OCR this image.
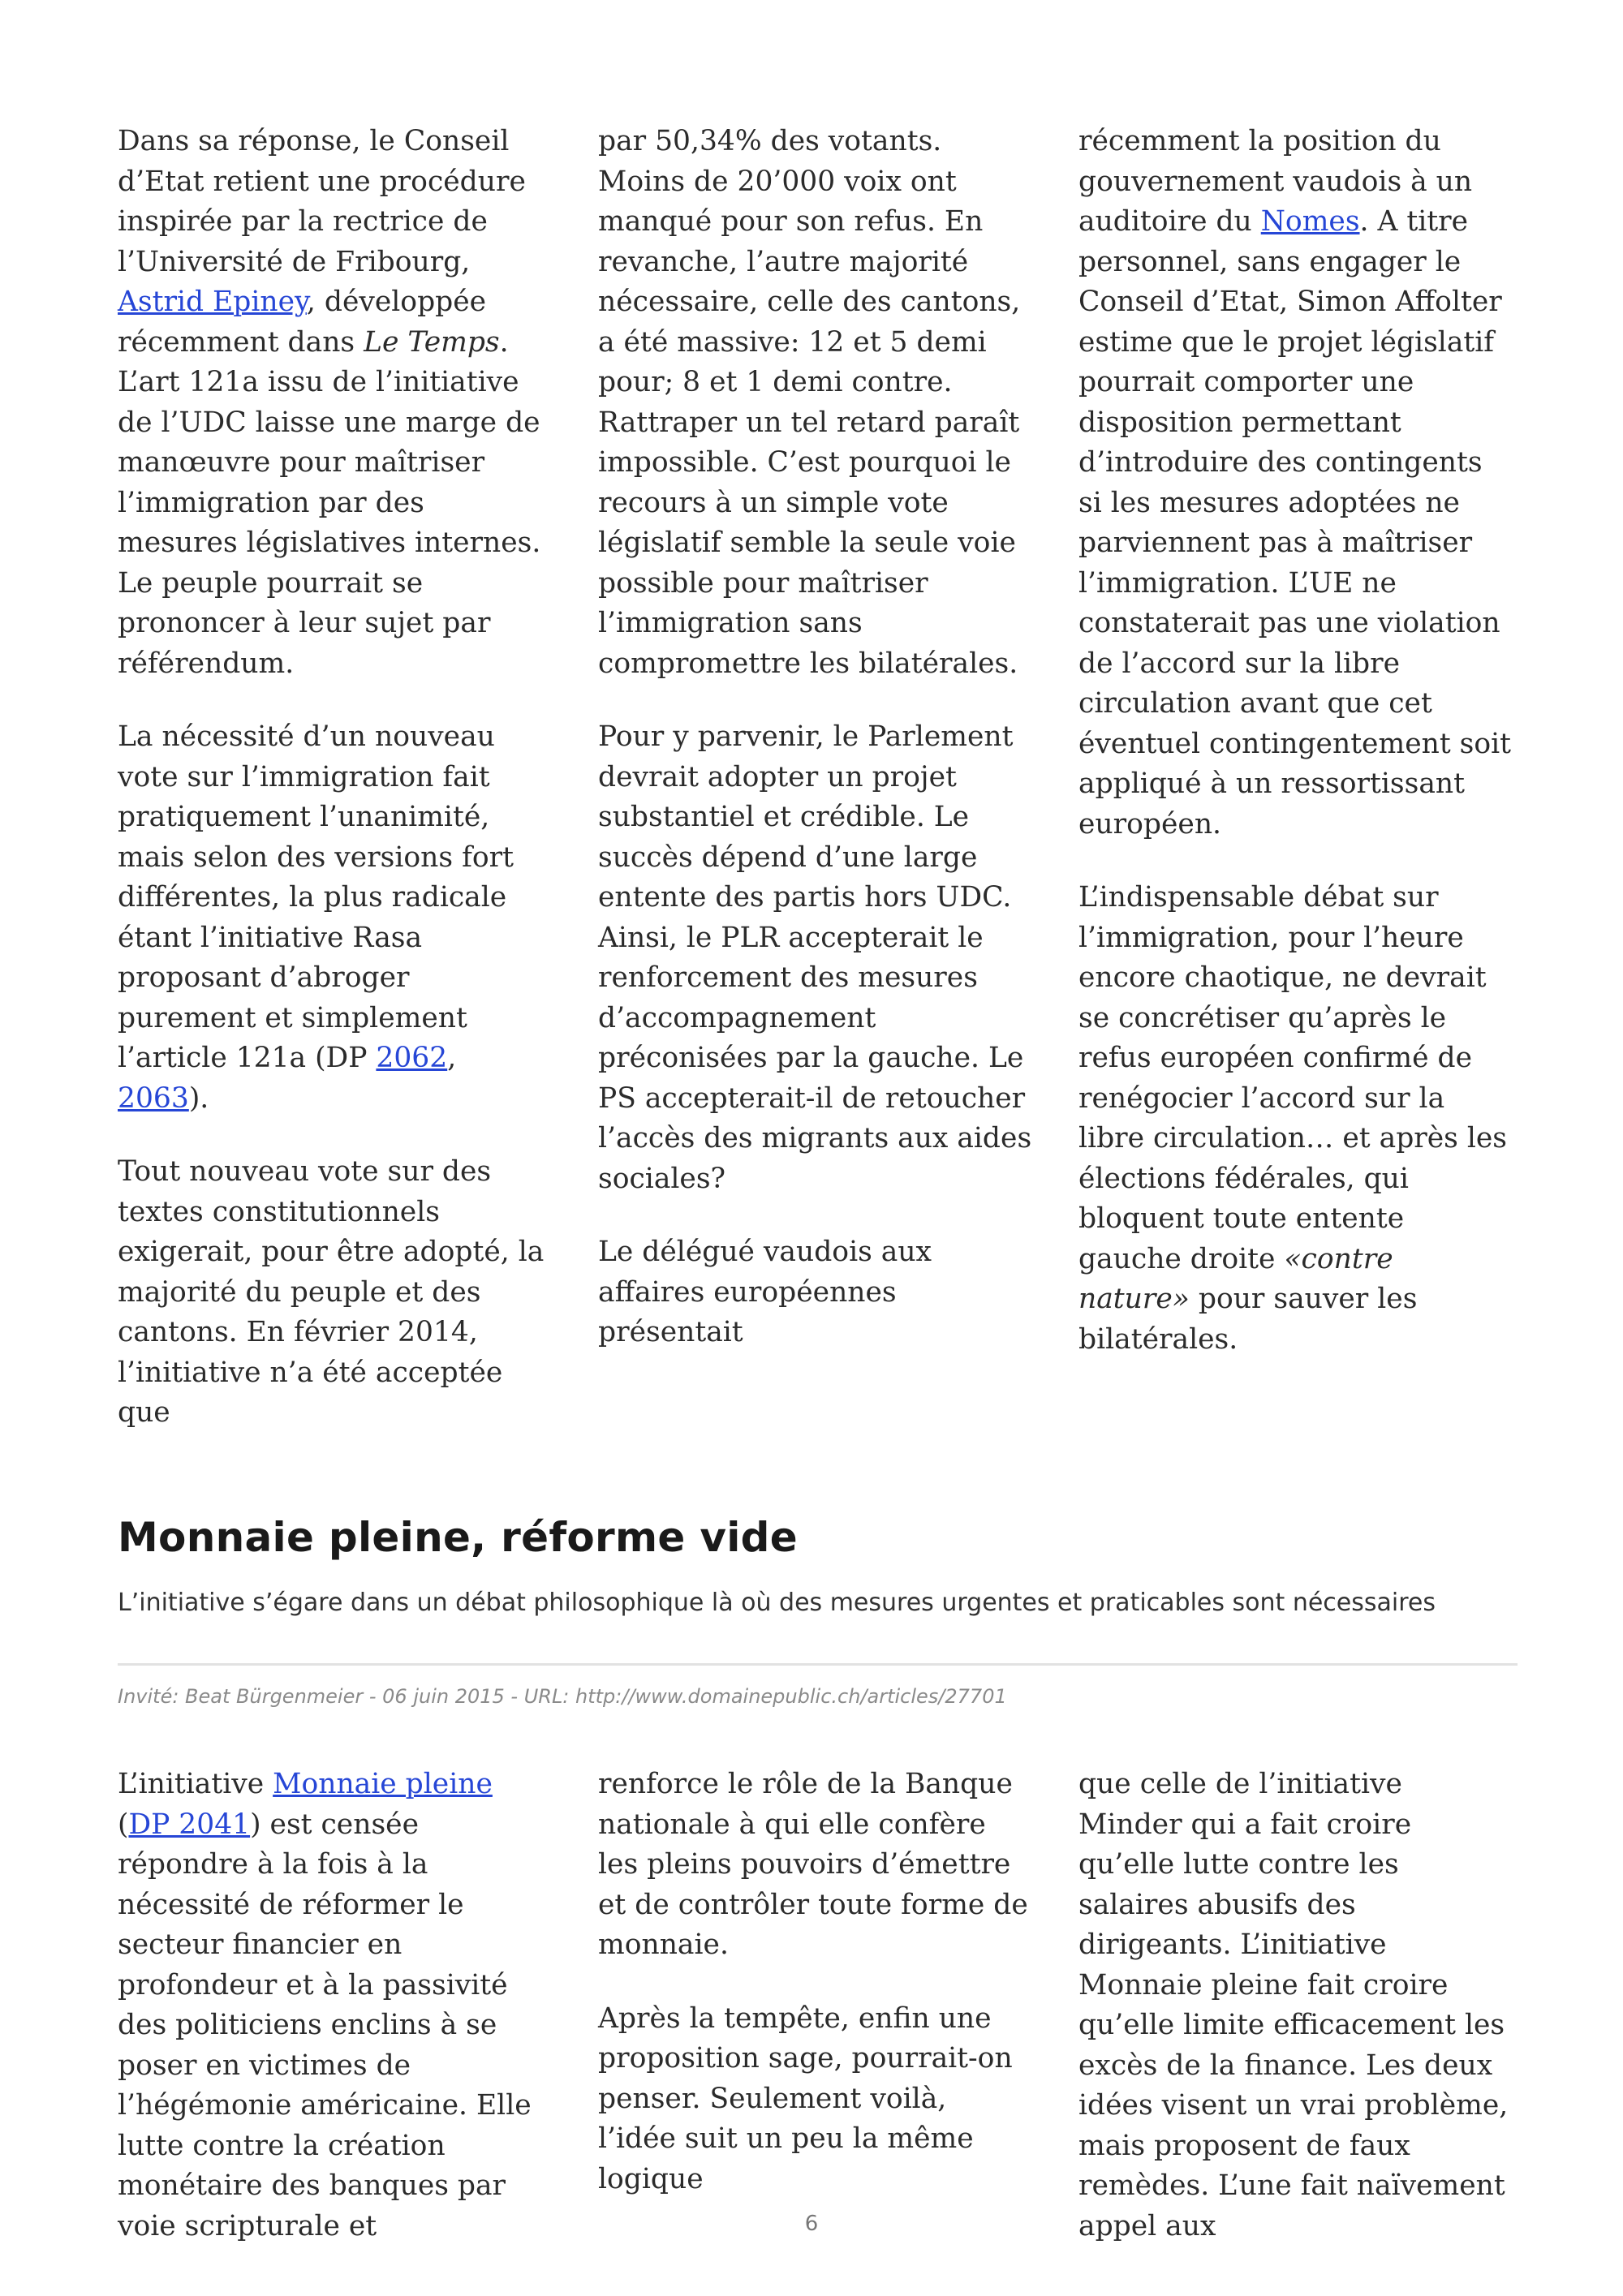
Dans sa réponse, le Conseil d’Etat retient une procédure inspirée par la rectrice de l’Université de Fribourg, Astrid Epiney, développée récemment dans Le Temps. L’art 121a issu de l’initiative de l’UDC laisse une marge de manœuvre pour maîtriser l’immigration par des mesures législatives internes. Le peuple pourrait se prononcer à leur sujet par référendum.

La nécessité d’un nouveau vote sur l’immigration fait pratiquement l’unanimité, mais selon des versions fort différentes, la plus radicale étant l’initiative Rasa proposant d’abroger purement et simplement l’article 121a (DP 2062, 2063).

Tout nouveau vote sur des textes constitutionnels exigerait, pour être adopté, la majorité du peuple et des cantons. En février 2014, l’initiative n’a été acceptée que

par 50,34% des votants. Moins de 20’000 voix ont manqué pour son refus. En revanche, l’autre majorité nécessaire, celle des cantons, a été massive: 12 et 5 demi pour; 8 et 1 demi contre. Rattraper un tel retard paraît impossible. C’est pourquoi le recours à un simple vote législatif semble la seule voie possible pour maîtriser l’immigration sans compromettre les bilatérales.

Pour y parvenir, le Parlement devrait adopter un projet substantiel et crédible. Le succès dépend d’une large entente des partis hors UDC. Ainsi, le PLR accepterait le renforcement des mesures d’accompagnement préconisées par la gauche. Le PS accepterait-il de retoucher l’accès des migrants aux aides sociales?

Le délégué vaudois aux affaires européennes présentait

récemment la position du gouvernement vaudois à un auditoire du Nomes. A titre personnel, sans engager le Conseil d’Etat, Simon Affolter estime que le projet législatif pourrait comporter une disposition permettant d’introduire des contingents si les mesures adoptées ne parviennent pas à maîtriser l’immigration. L’UE ne constaterait pas une violation de l’accord sur la libre circulation avant que cet éventuel contingentement soit appliqué à un ressortissant européen.

L’indispensable débat sur l’immigration, pour l’heure encore chaotique, ne devrait se concrétiser qu’après le refus européen confirmé de renégocier l’accord sur la libre circulation… et après les élections fédérales, qui bloquent toute entente gauche droite «contre nature» pour sauver les bilatérales.

Monnaie pleine, réforme vide

L’initiative s’égare dans un débat philosophique là où des mesures urgentes et praticables sont nécessaires

Invité: Beat Bürgenmeier - 06 juin 2015 - URL: http://www.domainepublic.ch/articles/27701

L’initiative Monnaie pleine (DP 2041) est censée répondre à la fois à la nécessité de réformer le secteur financier en profondeur et à la passivité des politiciens enclins à se poser en victimes de l’hégémonie américaine. Elle lutte contre la création monétaire des banques par voie scripturale et

renforce le rôle de la Banque nationale à qui elle confère les pleins pouvoirs d’émettre et de contrôler toute forme de monnaie.

Après la tempête, enfin une proposition sage, pourrait-on penser. Seulement voilà, l’idée suit un peu la même logique

que celle de l’initiative Minder qui a fait croire qu’elle lutte contre les salaires abusifs des dirigeants. L’initiative Monnaie pleine fait croire qu’elle limite efficacement les excès de la finance. Les deux idées visent un vrai problème, mais proposent de faux remèdes. L’une fait naïvement appel aux

6
